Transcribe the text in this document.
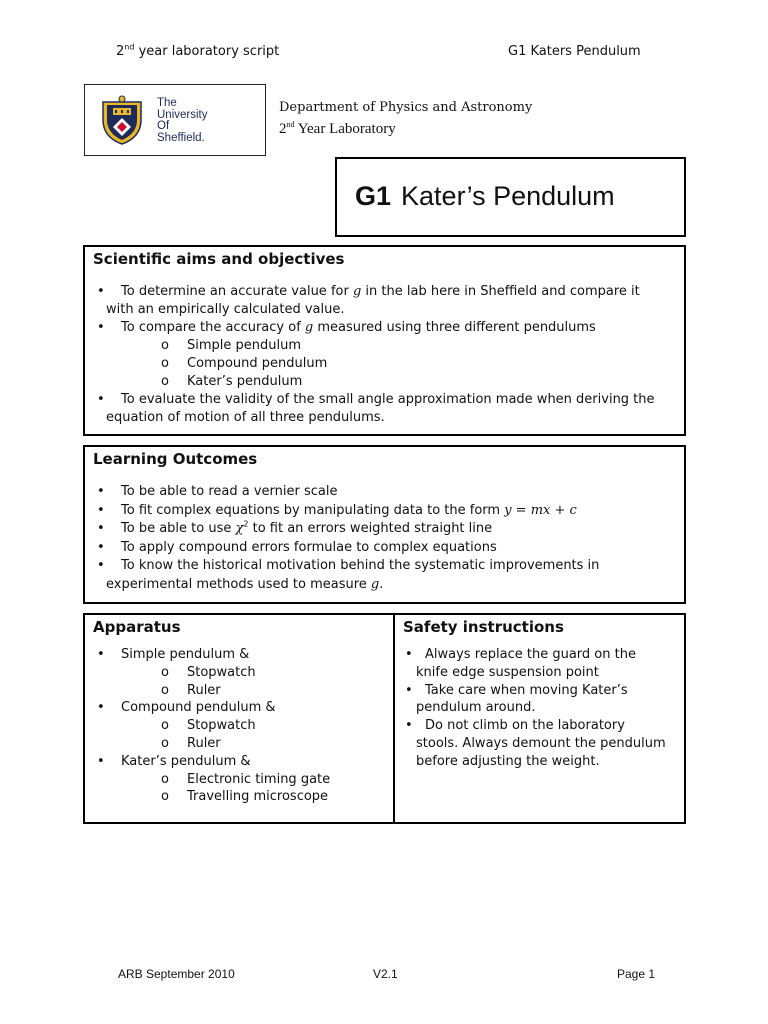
2nd year laboratory script	G1 Katers Pendulum
The
University
Of
Sheffield.
Department of Physics and Astronomy
2nd Year Laboratory
G1 Kater’s Pendulum
Scientific aims and objectives
• To determine an accurate value for g in the lab here in Sheffield and compare it
with an empirically calculated value.
• To compare the accuracy of g measured using three different pendulums
o Simple pendulum
o Compound pendulum
o Kater’s pendulum
• To evaluate the validity of the small angle approximation made when deriving the
equation of motion of all three pendulums.
Learning Outcomes
• To be able to read a vernier scale
• To fit complex equations by manipulating data to the form y = mx + c
• To be able to use $\chi^2$ to fit an errors weighted straight line
• To apply compound errors formulae to complex equations
• To know the historical motivation behind the systematic improvements in
experimental methods used to measure g.
Apparatus
• Simple pendulum &
o Stopwatch
o Ruler
• Compound pendulum &
o Stopwatch
o Ruler
• Kater’s pendulum &
o Electronic timing gate
o Travelling microscope
Safety instructions
• Always replace the guard on the
knife edge suspension point
• Take care when moving Kater’s
pendulum around.
• Do not climb on the laboratory
stools. Always demount the pendulum
before adjusting the weight.
ARB September 2010	V2.1	Page 1
